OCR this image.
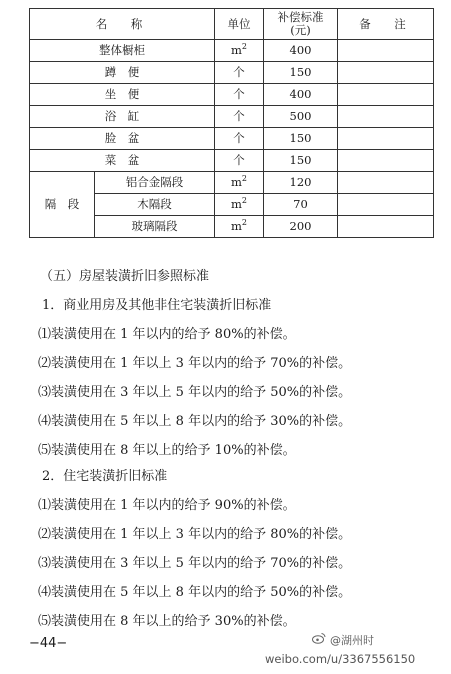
名　称		单位	补偿标准(元)	备　注
整体橱柜		$m^2$	400	
蹲　便		个	150	
坐　便		个	400	
浴　缸		个	500	
脸　盆		个	150	
菜　盆		个	150	
隔　段	铝合金隔段	$m^2$	120	
	木隔段	$m^2$	70	
	玻璃隔段	$m^2$	200	
（五）房屋装潢折旧参照标准
1．商业用房及其他非住宅装潢折旧标准
⑴装潢使用在 1 年以内的给予 80%的补偿。
⑵装潢使用在 1 年以上 3 年以内的给予 70%的补偿。
⑶装潢使用在 3 年以上 5 年以内的给予 50%的补偿。
⑷装潢使用在 5 年以上 8 年以内的给予 30%的补偿。
⑸装潢使用在 8 年以上的给予 10%的补偿。
2．住宅装潢折旧标准
⑴装潢使用在 1 年以内的给予 90%的补偿。
⑵装潢使用在 1 年以上 3 年以内的给予 80%的补偿。
⑶装潢使用在 3 年以上 5 年以内的给予 70%的补偿。
⑷装潢使用在 5 年以上 8 年以内的给予 50%的补偿。
⑸装潢使用在 8 年以上的给予 30%的补偿。
−44−	@湖州时
weibo.com/u/3367556150
